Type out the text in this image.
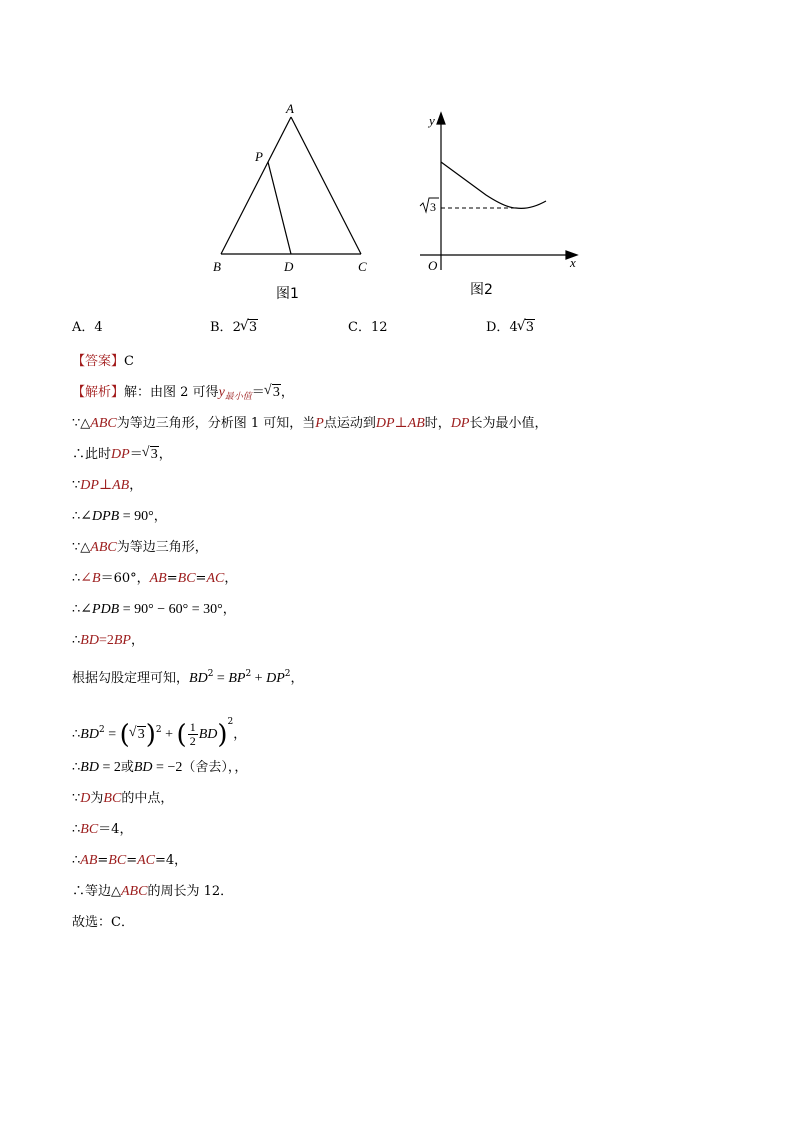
A
P
B	D	C
图1
y
x
O
3
图2
A．4	B．2√ 3	C．12	D．4√ 3
【答案】C
【解析】解：由图 2 可得$y_{最小值}=√$ 3，
∵△ABC为等边三角形，分析图 1 可知，当P点运动到DP⊥AB时，DP长为最小值，
∴此时DP＝√ 3，
∵DP⊥AB，
∴∠DPB = 90°，
∵△ABC为等边三角形，
∴∠B＝60°，AB=BC=AC，
∴∠PDB = 90° − 60° = 30°，
∴BD=2BP，
根据勾股定理可知，$BD^2 = BP^2 + DP^2$，
$\therefore BD^2$ = (√ 3)$^2$ + ( $\frac{1}{2} BD)^2$，
∴BD = 2或BD = −2（舍去），，
∵D为BC的中点，
∴BC＝4，
∴AB=BC=AC=4，
∴等边△ABC的周长为 12．
故选：C．
